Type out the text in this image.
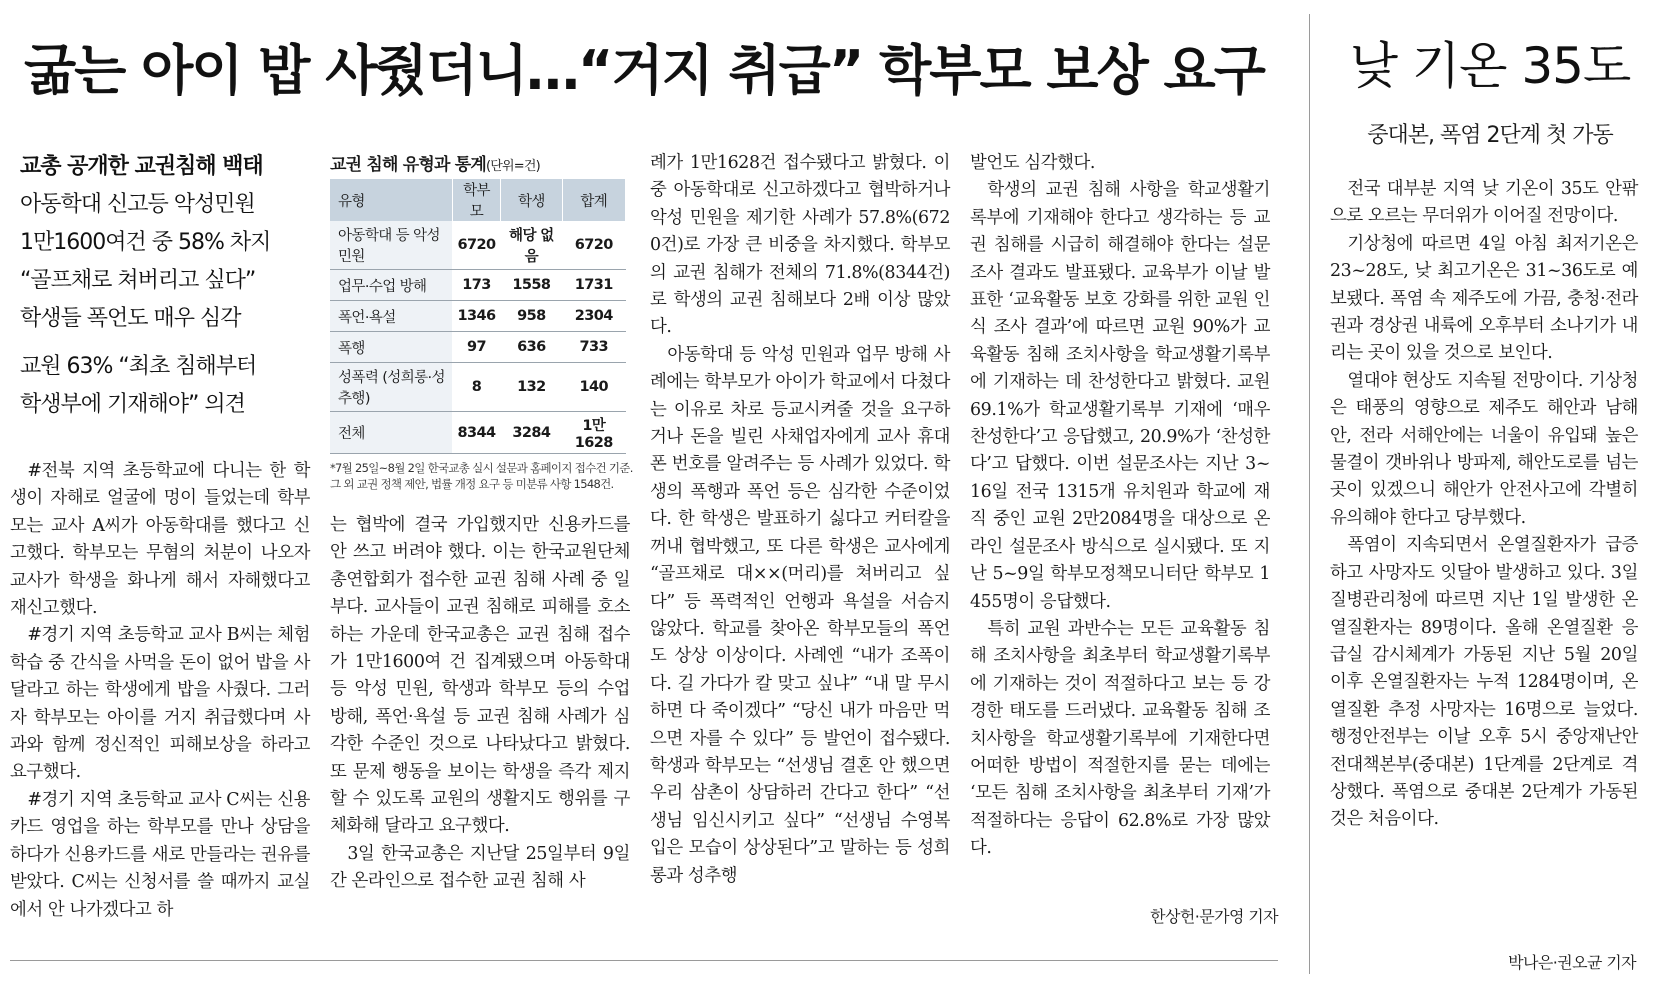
굶는 아이 밥 사줬더니…“거지 취급” 학부모 보상 요구
교총 공개한 교권침해 백태
아동학대 신고등 악성민원
1만1600여건 중 58% 차지
“골프채로 쳐버리고 싶다”
학생들 폭언도 매우 심각
교원 63% “최초 침해부터
학생부에 기재해야” 의견
교권 침해 유형과 통계(단위=건)
유형	학부모	학생	합계
아동학대 등 악성 민원	6720	해당 없음	6720
업무·수업 방해	173	1558	1731
폭언·욕설	1346	958	2304
폭행	97	636	733
성폭력 (성희롱·성추행)	8	132	140
전체	8344	3284	1만1628
*7월 25일~8월 2일 한국교총 실시 설문과 홈페이지 접수건 기준. 그 외 교권 정책 제안, 법률 개정 요구 등 미분류 사항 1548건.

#전북 지역 초등학교에 다니는 한 학생이 자해로 얼굴에 멍이 들었는데 학부모는 교사 A씨가 아동학대를 했다고 신고했다. 학부모는 무혐의 처분이 나오자 교사가 학생을 화나게 해서 자해했다고 재신고했다.

#경기 지역 초등학교 교사 B씨는 체험학습 중 간식을 사먹을 돈이 없어 밥을 사달라고 하는 학생에게 밥을 사줬다. 그러자 학부모는 아이를 거지 취급했다며 사과와 함께 정신적인 피해보상을 하라고 요구했다.

#경기 지역 초등학교 교사 C씨는 신용카드 영업을 하는 학부모를 만나 상담을 하다가 신용카드를 새로 만들라는 권유를 받았다. C씨는 신청서를 쓸 때까지 교실에서 안 나가겠다고 하

는 협박에 결국 가입했지만 신용카드를 안 쓰고 버려야 했다. 이는 한국교원단체총연합회가 접수한 교권 침해 사례 중 일부다. 교사들이 교권 침해로 피해를 호소하는 가운데 한국교총은 교권 침해 접수가 1만1600여 건 집계됐으며 아동학대 등 악성 민원, 학생과 학부모 등의 수업 방해, 폭언·욕설 등 교권 침해 사례가 심각한 수준인 것으로 나타났다고 밝혔다. 또 문제 행동을 보이는 학생을 즉각 제지할 수 있도록 교원의 생활지도 행위를 구체화해 달라고 요구했다.

3일 한국교총은 지난달 25일부터 9일간 온라인으로 접수한 교권 침해 사

례가 1만1628건 접수됐다고 밝혔다. 이 중 아동학대로 신고하겠다고 협박하거나 악성 민원을 제기한 사례가 57.8%(6720건)로 가장 큰 비중을 차지했다. 학부모의 교권 침해가 전체의 71.8%(8344건)로 학생의 교권 침해보다 2배 이상 많았다.

아동학대 등 악성 민원과 업무 방해 사례에는 학부모가 아이가 학교에서 다쳤다는 이유로 차로 등교시켜줄 것을 요구하거나 돈을 빌린 사채업자에게 교사 휴대폰 번호를 알려주는 등 사례가 있었다. 학생의 폭행과 폭언 등은 심각한 수준이었다. 한 학생은 발표하기 싫다고 커터칼을 꺼내 협박했고, 또 다른 학생은 교사에게 “골프채로 대××(머리)를 쳐버리고 싶다” 등 폭력적인 언행과 욕설을 서슴지 않았다. 학교를 찾아온 학부모들의 폭언도 상상 이상이다. 사례엔 “내가 조폭이다. 길 가다가 칼 맞고 싶냐” “내 말 무시하면 다 죽이겠다” “당신 내가 마음만 먹으면 자를 수 있다” 등 발언이 접수됐다. 학생과 학부모는 “선생님 결혼 안 했으면 우리 삼촌이 상담하러 간다고 한다” “선생님 임신시키고 싶다” “선생님 수영복 입은 모습이 상상된다”고 말하는 등 성희롱과 성추행

발언도 심각했다.

학생의 교권 침해 사항을 학교생활기록부에 기재해야 한다고 생각하는 등 교권 침해를 시급히 해결해야 한다는 설문조사 결과도 발표됐다. 교육부가 이날 발표한 ‘교육활동 보호 강화를 위한 교원 인식 조사 결과’에 따르면 교원 90%가 교육활동 침해 조치사항을 학교생활기록부에 기재하는 데 찬성한다고 밝혔다. 교원 69.1%가 학교생활기록부 기재에 ‘매우 찬성한다’고 응답했고, 20.9%가 ‘찬성한다’고 답했다. 이번 설문조사는 지난 3~16일 전국 1315개 유치원과 학교에 재직 중인 교원 2만2084명을 대상으로 온라인 설문조사 방식으로 실시됐다. 또 지난 5~9일 학부모정책모니터단 학부모 1455명이 응답했다.

특히 교원 과반수는 모든 교육활동 침해 조치사항을 최초부터 학교생활기록부에 기재하는 것이 적절하다고 보는 등 강경한 태도를 드러냈다. 교육활동 침해 조치사항을 학교생활기록부에 기재한다면 어떠한 방법이 적절한지를 묻는 데에는 ‘모든 침해 조치사항을 최초부터 기재’가 적절하다는 응답이 62.8%로 가장 많았다.

한상헌·문가영 기자
낮 기온 35도
중대본, 폭염 2단계 첫 가동

전국 대부분 지역 낮 기온이 35도 안팎으로 오르는 무더위가 이어질 전망이다.

기상청에 따르면 4일 아침 최저기온은 23~28도, 낮 최고기온은 31~36도로 예보됐다. 폭염 속 제주도에 가끔, 충청·전라권과 경상권 내륙에 오후부터 소나기가 내리는 곳이 있을 것으로 보인다.

열대야 현상도 지속될 전망이다. 기상청은 태풍의 영향으로 제주도 해안과 남해안, 전라 서해안에는 너울이 유입돼 높은 물결이 갯바위나 방파제, 해안도로를 넘는 곳이 있겠으니 해안가 안전사고에 각별히 유의해야 한다고 당부했다.

폭염이 지속되면서 온열질환자가 급증하고 사망자도 잇달아 발생하고 있다. 3일 질병관리청에 따르면 지난 1일 발생한 온열질환자는 89명이다. 올해 온열질환 응급실 감시체계가 가동된 지난 5월 20일 이후 온열질환자는 누적 1284명이며, 온열질환 추정 사망자는 16명으로 늘었다. 행정안전부는 이날 오후 5시 중앙재난안전대책본부(중대본) 1단계를 2단계로 격상했다. 폭염으로 중대본 2단계가 가동된 것은 처음이다.

박나은·권오균 기자
